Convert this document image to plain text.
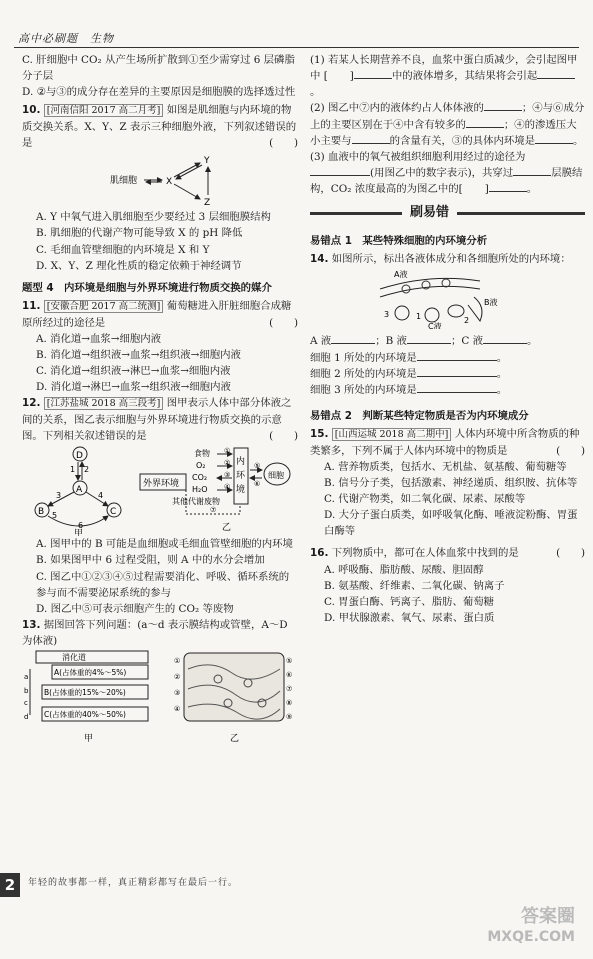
高中必刷题　生物

C. 肝细胞中 CO₂ 从产生场所扩散到①至少需穿过 6 层磷脂分子层

D. ②与③的成分存在差异的主要原因是细胞膜的选择透过性

10. [河南信阳 2017 高二月考] 如图是肌细胞与内环境的物质交换关系。X、Y、Z 表示三种细胞外液，下列叙述错误的是	(　　)

肌细胞	X
Y
Z

A. Y 中氧气进入肌细胞至少要经过 3 层细胞膜结构

B. 肌细胞的代谢产物可能导致 X 的 pH 降低

C. 毛细血管壁细胞的内环境是 X 和 Y

D. X、Y、Z 理化性质的稳定依赖于神经调节

题型 4　内环境是细胞与外界环境进行物质交换的媒介

11. [安徽合肥 2017 高二统测] 葡萄糖进入肝脏细胞合成糖原所经过的途径是	(　　)

A. 消化道→血浆→细胞内液

B. 消化道→组织液→血浆→组织液→细胞内液

C. 消化道→组织液→淋巴→血浆→细胞内液

D. 消化道→淋巴→血浆→组织液→细胞内液

12. [江苏盐城 2018 高三段考] 图甲表示人体中部分体液之间的关系，图乙表示细胞与外界环境进行物质交换的示意图。下列相关叙述错误的是	(　　)

D
A
B	C
1 2
3	4
5
6
甲
外界环境
食物
O₂
CO₂
H₂O
其他代谢废物
内
环
境
细胞
①
②
③
④
⑤
⑥
⑦
乙

A. 图甲中的 B 可能是血细胞或毛细血管壁细胞的内环境

B. 如果图甲中 6 过程受阻，则 A 中的水分会增加

C. 图乙中①②③④⑤过程需要消化、呼吸、循环系统的参与而不需要泌尿系统的参与

D. 图乙中⑤可表示细胞产生的 CO₂ 等废物

13. 据图回答下列问题：(a～d 表示膜结构或管壁，A～D 为体液)

消化道
A(占体重的4%～5%)
B(占体重的15%～20%)
C(占体重的40%～50%)
a
b
c
d
甲
①
②
③
④
⑤
⑥
⑦
⑧
⑨
乙

(1) 若某人长期营养不良，血浆中蛋白质减少，会引起图甲中 [ ]	中的液体增多，其结果将会引起。

(2) 图乙中⑦内的液体约占人体体液的	；④与⑥成分上的主要区别在于④中含有较多的	；④的渗透压大小主要与	的含量有关，③的具体内环境是	。

(3) 血液中的氧气被组织细胞利用经过的途径为(用图乙中的数字表示)，共穿过	层膜结构，CO₂ 浓度最高的为图乙中的[ ]	。

刷易错

易错点 1　某些特殊细胞的内环境分析

14. 如图所示，标出各液体成分和各细胞所处的内环境：

A液
B液
C液
3	1	2

A 液	；B 液	；C 液	。

细胞 1 所处的内环境是	。

细胞 2 所处的内环境是	。

细胞 3 所处的内环境是	。

易错点 2　判断某些特定物质是否为内环境成分

15. [山西运城 2018 高二期中] 人体内环境中所含物质的种类繁多，下列不属于人体内环境中的物质是	(　　)

A. 营养物质类，包括水、无机盐、氨基酸、葡萄糖等

B. 信号分子类，包括激素、神经递质、组织胺、抗体等

C. 代谢产物类，如二氧化碳、尿素、尿酸等

D. 大分子蛋白质类，如呼吸氧化酶、唾液淀粉酶、胃蛋白酶等

16. 下列物质中，都可在人体血浆中找到的是	(　　)

A. 呼吸酶、脂肪酸、尿酸、胆固醇

B. 氨基酸、纤维素、二氧化碳、钠离子

C. 胃蛋白酶、钙离子、脂肪、葡萄糖

D. 甲状腺激素、氧气、尿素、蛋白质

2	年轻的故事都一样，真正精彩都写在最后一行。
答案圈
MXQE.COM
